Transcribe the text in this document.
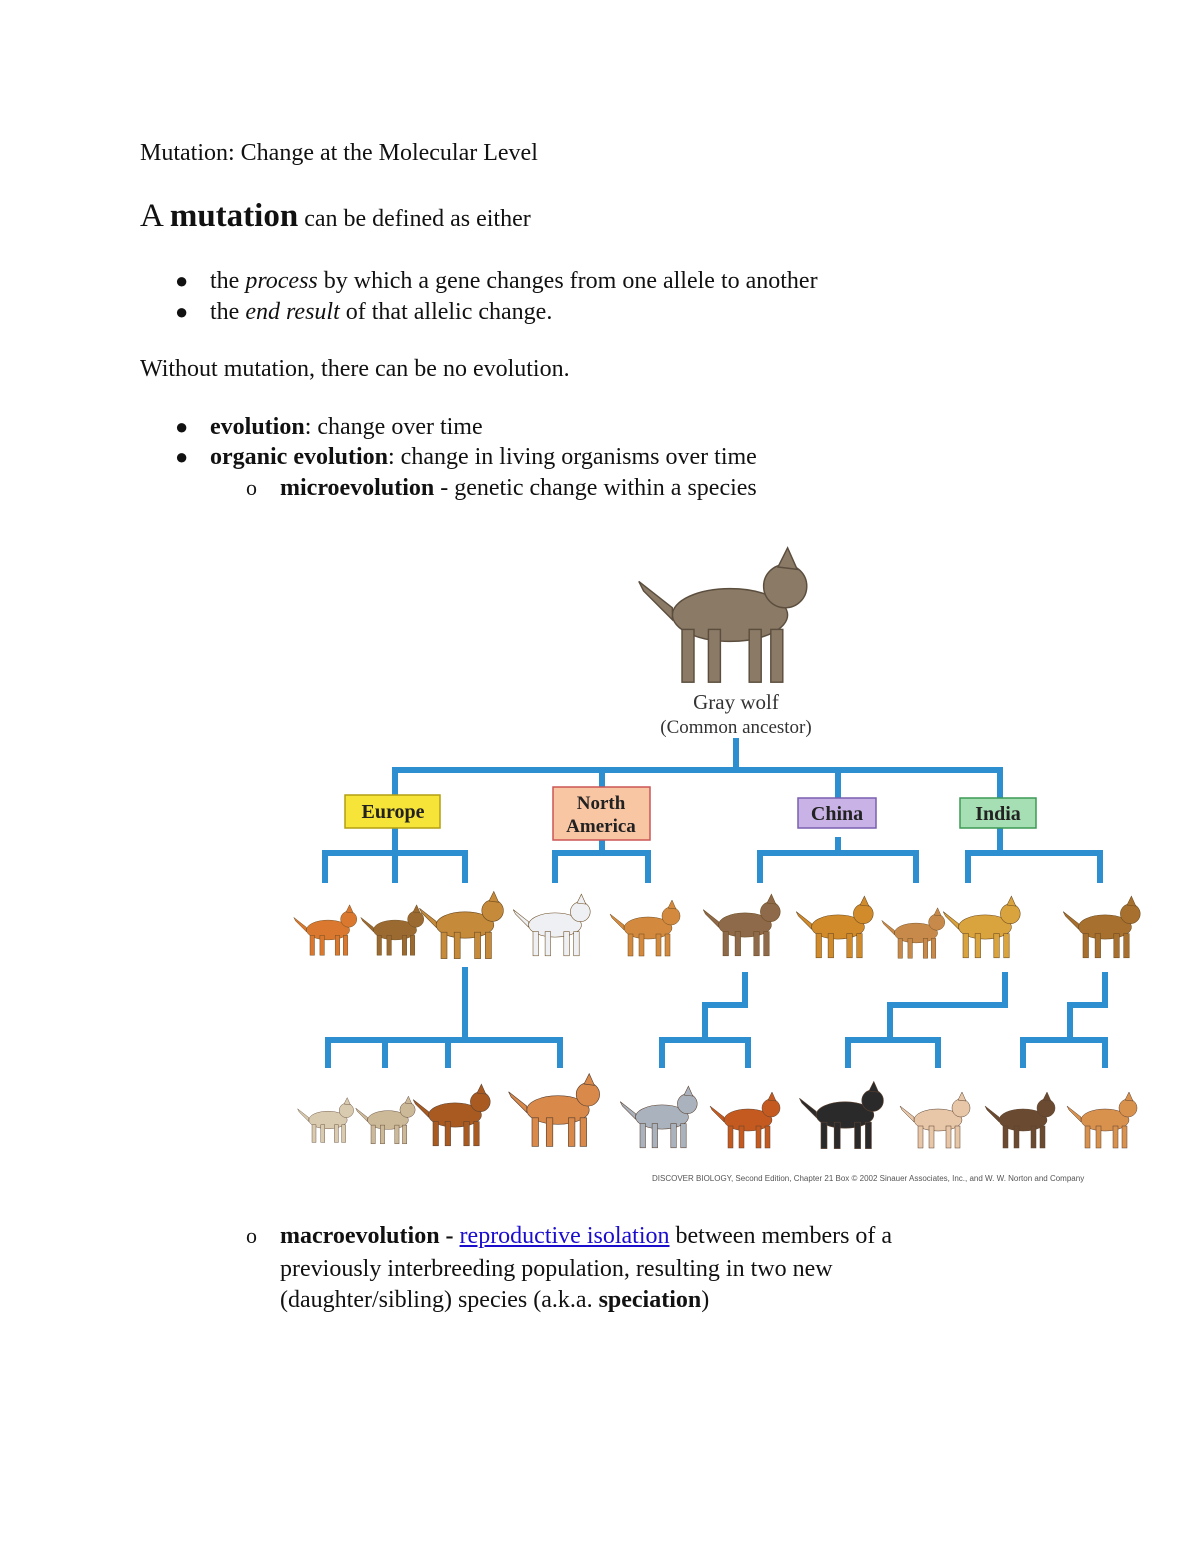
Mutation: Change at the Molecular Level
A mutation can be defined as either
● the process by which a gene changes from one allele to another
● the end result of that allelic change.
Without mutation, there can be no evolution.
● evolution: change over time
● organic evolution: change in living organisms over time
o microevolution - genetic change within a species
Gray wolf
(Common ancestor)
Europe	North
America
China	India
DISCOVER BIOLOGY, Second Edition, Chapter 21 Box © 2002 Sinauer Associates, Inc., and W. W. Norton and Company
o macroevolution - reproductive isolation between members of a
previously interbreeding population, resulting in two new
(daughter/sibling) species (a.k.a. speciation)
